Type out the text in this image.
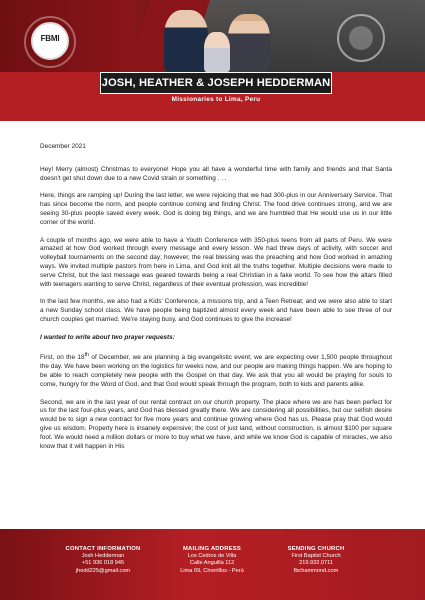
FBMI
JOSH, HEATHER & JOSEPH HEDDERMAN
Missionaries to Lima, Peru
December 2021

Hey! Merry (almost) Christmas to everyone! Hope you all have a wonderful time with family and friends and that Santa doesn't get shut down due to a new Covid strain or something . . .

Here, things are ramping up! During the last letter, we were rejoicing that we had 300-plus in our Anniversary Service. That has since become the norm, and people continue coming and finding Christ. The food drive continues strong, and we are seeing 30-plus people saved every week. God is doing big things, and we are humbled that He would use us in our little corner of the world.

A couple of months ago, we were able to have a Youth Conference with 350-plus teens from all parts of Peru. We were amazed at how God worked through every message and every lesson. We had three days of activity, with soccer and volleyball tournaments on the second day; however, the real blessing was the preaching and how God worked in amazing ways. We invited multiple pastors from here in Lima, and God knit all the truths together. Multiple decisions were made to serve Christ, but the last message was geared towards being a real Christian in a fake world. To see how the altars filled with teenagers wanting to serve Christ, regardless of their eventual profession, was incredible!

In the last few months, we also had a Kids' Conference, a missions trip, and a Teen Retreat; and we were also able to start a new Sunday school class. We have people being baptized almost every week and have been able to see three of our church couples get married. We're staying busy, and God continues to give the increase!

I wanted to write about two prayer requests:

First, on the 18th of December, we are planning a big evangelistic event; we are expecting over 1,500 people throughout the day. We have been working on the logistics for weeks now, and our people are making things happen. We are hoping to be able to reach completely new people with the Gospel on that day. We ask that you all would be praying for souls to come, hungry for the Word of God, and that God would speak through the program, both to kids and parents alike.

Second, we are in the last year of our rental contract on our church property. The place where we are has been perfect for us for the last four-plus years, and God has blessed greatly there. We are considering all possibilities, but our selfish desire would be to sign a new contract for five more years and continue growing where God has us. Please pray that God would give us wisdom. Property here is insanely expensive; the cost of just land, without construction, is almost $100 per square foot. We would need a million dollars or more to buy what we have, and while we know God is capable of miracles, we also know that it will happen in His

CONTACT INFORMATION
Josh Hedderman
+51 936 018 945
jhedd225@gmail.com
MAILING ADDRESS
Los Cedros de Villa
Calle Anguilla 112
Lima 09, Chorrillos - Perú
SENDING CHURCH
First Baptist Church
219.932.0711
fbchammond.com
